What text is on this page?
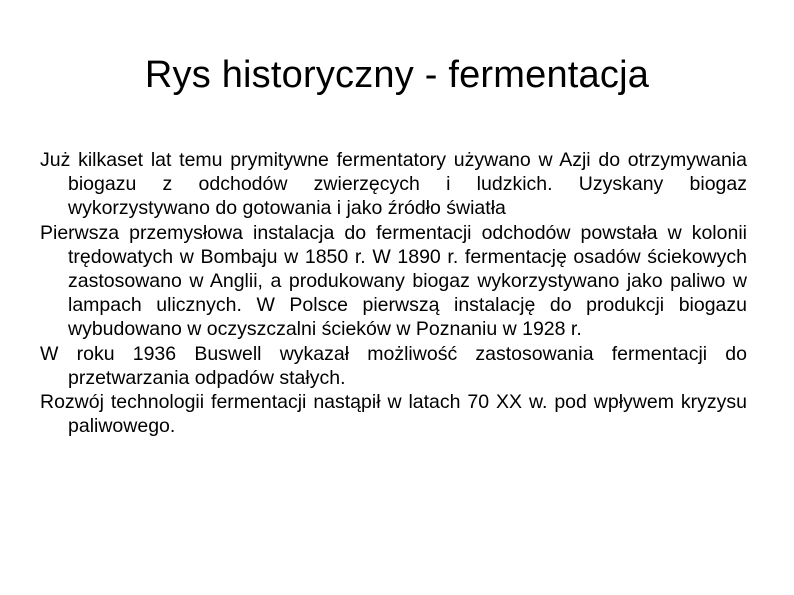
Rys historyczny - fermentacja
Już kilkaset lat temu prymitywne fermentatory używano w Azji do otrzymywania biogazu z odchodów zwierzęcych i ludzkich. Uzyskany biogaz wykorzystywano do gotowania i jako źródło światła
Pierwsza przemysłowa instalacja do fermentacji odchodów powstała w kolonii trędowatych w Bombaju w 1850 r. W 1890 r. fermentację osadów ściekowych zastosowano w Anglii, a produkowany biogaz wykorzystywano jako paliwo w lampach ulicznych. W Polsce pierwszą instalację do produkcji biogazu wybudowano w oczyszczalni ścieków w Poznaniu w 1928 r.
W roku 1936 Buswell wykazał możliwość zastosowania fermentacji do przetwarzania odpadów stałych.
Rozwój technologii fermentacji nastąpił w latach 70 XX w. pod wpływem kryzysu paliwowego.
